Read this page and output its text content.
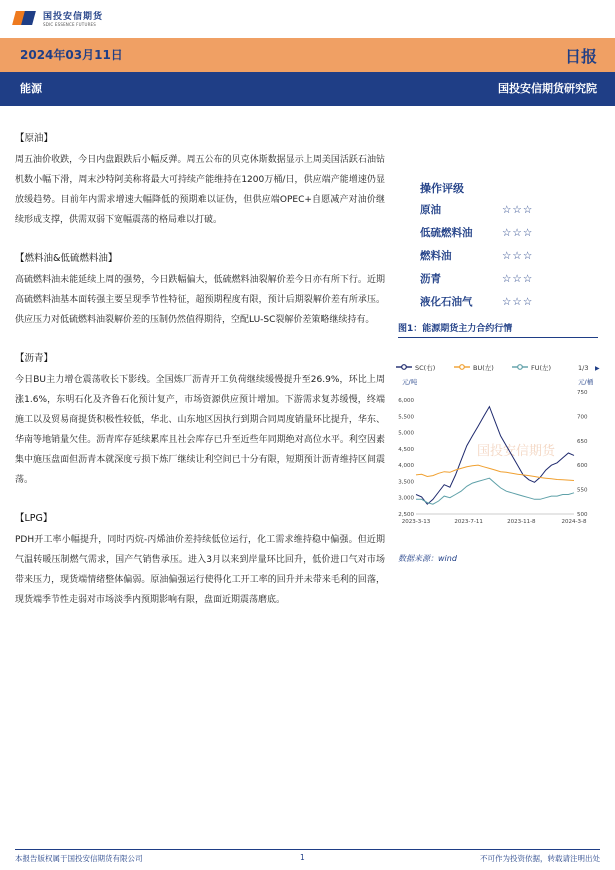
国投安信期货
SDIC ESSENCE FUTURES
2024年03月11日	日报
能源	国投安信期货研究院
【原油】
周五油价收跌，今日内盘跟跌后小幅反弹。周五公布的贝克休斯数据显示上周美国活跃石油钻机数小幅下滑，周末沙特阿美称将最大可持续产能维持在1200万桶/日，供应端产能增速仍显放缓趋势。目前年内需求增速大幅降低的预期难以证伪，但供应端OPEC+自愿减产对油价继续形成支撑，供需双弱下宽幅震荡的格局难以打破。
【燃料油&低硫燃料油】
高硫燃料油未能延续上周的强势，今日跌幅偏大，低硫燃料油裂解价差今日亦有所下行。近期高硫燃料油基本面转强主要呈现季节性特征，超预期程度有限，预计后期裂解价差有所承压。供应压力对低硫燃料油裂解价差的压制仍然值得期待，空配LU-SC裂解价差策略继续持有。
【沥青】
今日BU主力增仓震荡收长下影线。全国炼厂沥青开工负荷继续缓慢提升至26.9%，环比上周涨1.6%，东明石化及齐鲁石化预计复产，市场资源供应预计增加。下游需求复苏缓慢，终端施工以及贸易商提货积极性较低，华北、山东地区因执行到期合同周度销量环比提升，华东、华南等地销量欠佳。沥青库存延续累库且社会库存已升至近些年同期绝对高位水平。利空因素集中施压盘面但沥青本就深度亏损下炼厂继续让利空间已十分有限，短期预计沥青维持区间震荡。
【LPG】
PDH开工率小幅提升，同时丙烷-丙烯油价差持续低位运行，化工需求维持稳中偏强。但近期气温转暖压制燃气需求，国产气销售承压。进入3月以来到岸量环比回升，低价进口气对市场带来压力，现货端情绪整体偏弱。原油偏强运行使得化工开工率的回升并未带来毛利的回落，现货端季节性走弱对市场淡季内预期影响有限，盘面近期震荡磨底。
操作评级
原油	☆☆☆
低硫燃料油	☆☆☆
燃料油	☆☆☆
沥青	☆☆☆
液化石油气	☆☆☆
图1：能源期货主力合约行情
SC(右)	BU(左)	FU(左)	1/3 ▶
元/吨	元/桶
国投安信期货
6,000
5,500
5,000
4,500
4,000
3,500
3,000
2,500
750
700
650
600
550
500
2023-3-13	2023-7-11	2023-11-8	2024-3-8
数据来源：wind
本报告版权属于国投安信期货有限公司	1	不可作为投资依据，转载请注明出处
